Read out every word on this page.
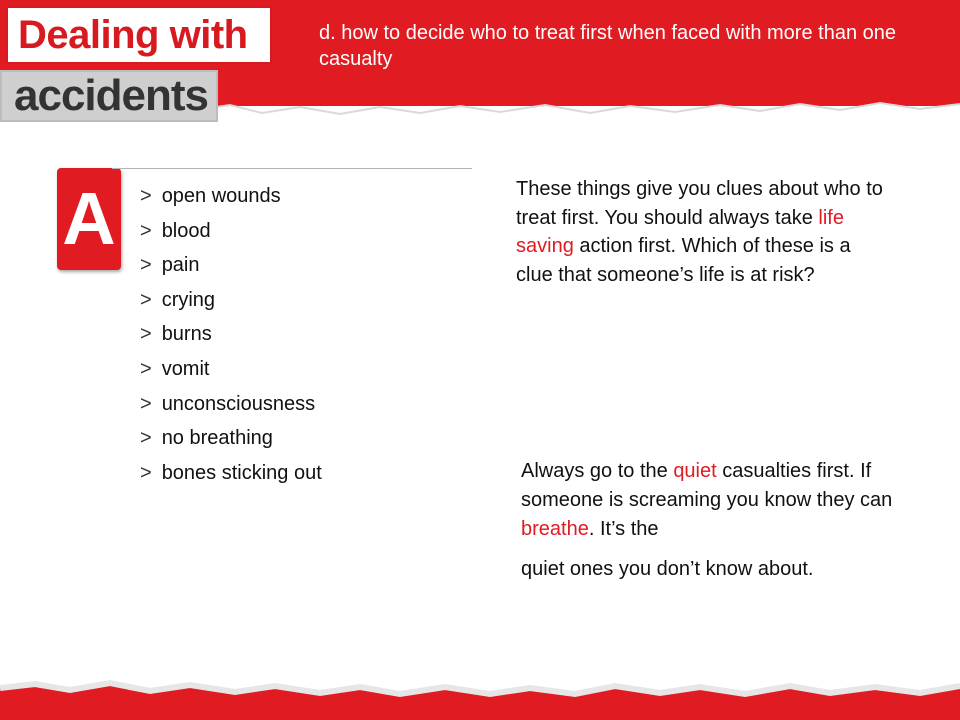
Dealing with
accidents
d. how to decide who to treat first when faced with more than one casualty
A > open wounds
> blood
> pain
> crying
> burns
> vomit
> unconsciousness
> no breathing
> bones sticking out
These things give you clues about who to treat first. You should always take life saving action first. Which of these is a clue that someone’s life is at risk?
Always go to the quiet casualties first. If someone is screaming you know they can breathe. It’s the
quiet ones you don’t know about.
